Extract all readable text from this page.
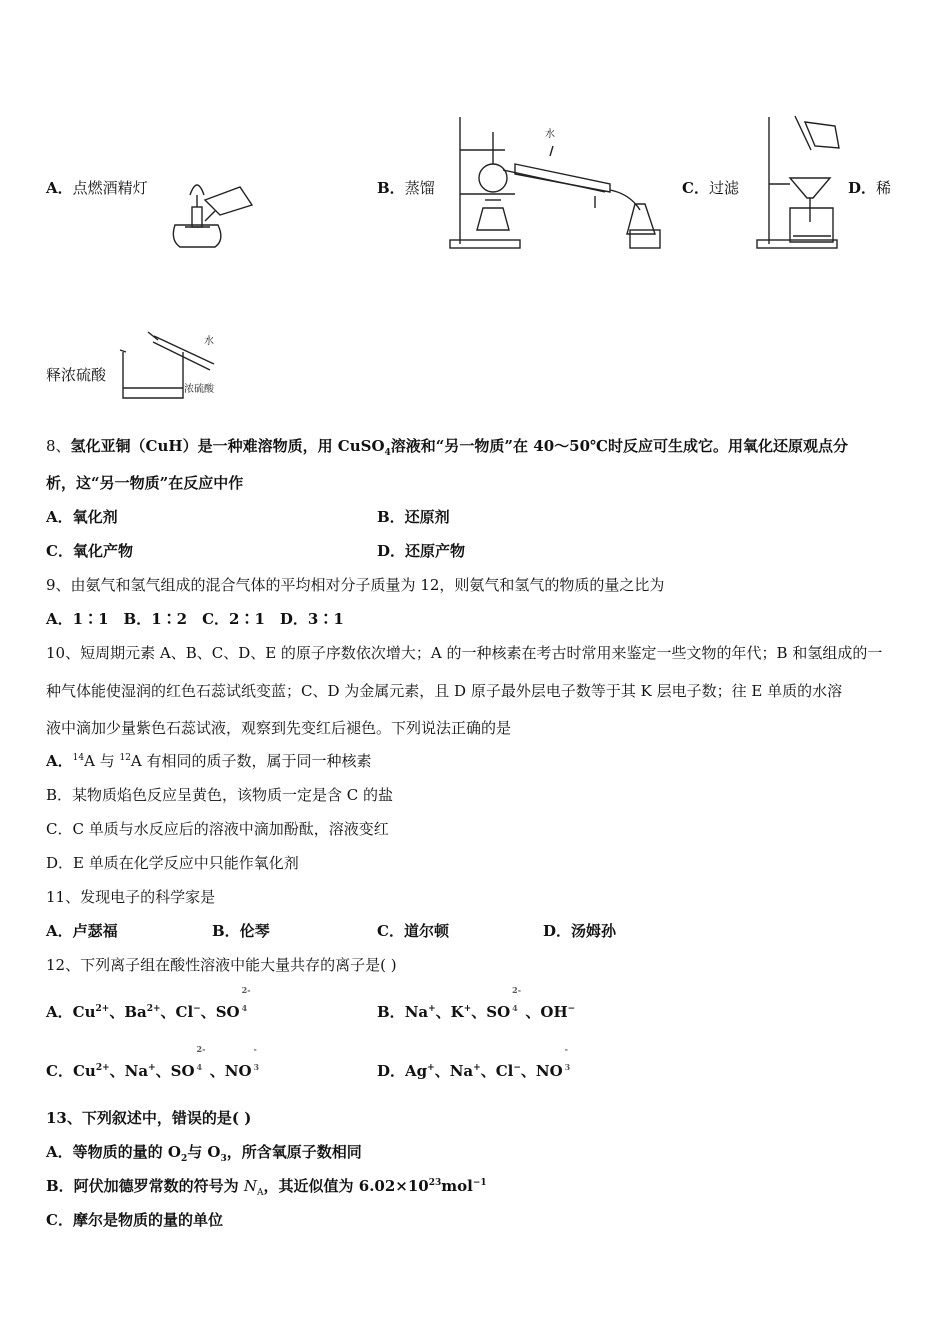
A．点燃酒精灯	B．蒸馏
水
C．过滤	D．稀
释浓硫酸
水
浓硫酸
8、氢化亚铜（CuH）是一种难溶物质，用 CuSO$_4$溶液和“另一物质”在 40～50℃时反应可生成它。用氧化还原观点分
析，这“另一物质”在反应中作
A．氧化剂	B．还原剂
C．氧化产物	D．还原产物
9、由氨气和氢气组成的混合气体的平均相对分子质量为 12，则氨气和氢气的物质的量之比为
A．1∶1　B．1∶2　C．2∶1　D．3∶1
10、短周期元素 A、B、C、D、E 的原子序数依次增大；A 的一种核素在考古时常用来鉴定一些文物的年代；B 和氢组成的一
种气体能使湿润的红色石蕊试纸变蓝；C、D 为金属元素，且 D 原子最外层电子数等于其 K 层电子数；往 E 单质的水溶
液中滴加少量紫色石蕊试液，观察到先变红后褪色。下列说法正确的是
A．$^{14}$A 与 $^{12}$A 有相同的质子数，属于同一种核素
B．某物质焰色反应呈黄色，该物质一定是含 C 的盐
C．C 单质与水反应后的溶液中滴加酚酞，溶液变红
D．E 单质在化学反应中只能作氧化剂
11、发现电子的科学家是
A．卢瑟福	B．伦琴	C．道尔顿	D．汤姆孙
12、下列离子组在酸性溶液中能大量共存的离子是( )
A．$Cu^{2+}$、$Ba^{2+}$、Cl−、SO
2-
4	B．Na+、K+、SO
2-
4 、OH−
C．$Cu^{2+}$、Na+、SO
2-
4 、NO
-
3	D．Ag+、Na+、Cl−、NO
-
3
13、下列叙述中，错误的是( )
A．等物质的量的 $O_2$与 $O_3$，所含氧原子数相同
B．阿伏加德罗常数的符号为 $N_A$，其近似值为 $6.02\times 10^{23}mol^{-1}$
C．摩尔是物质的量的单位
